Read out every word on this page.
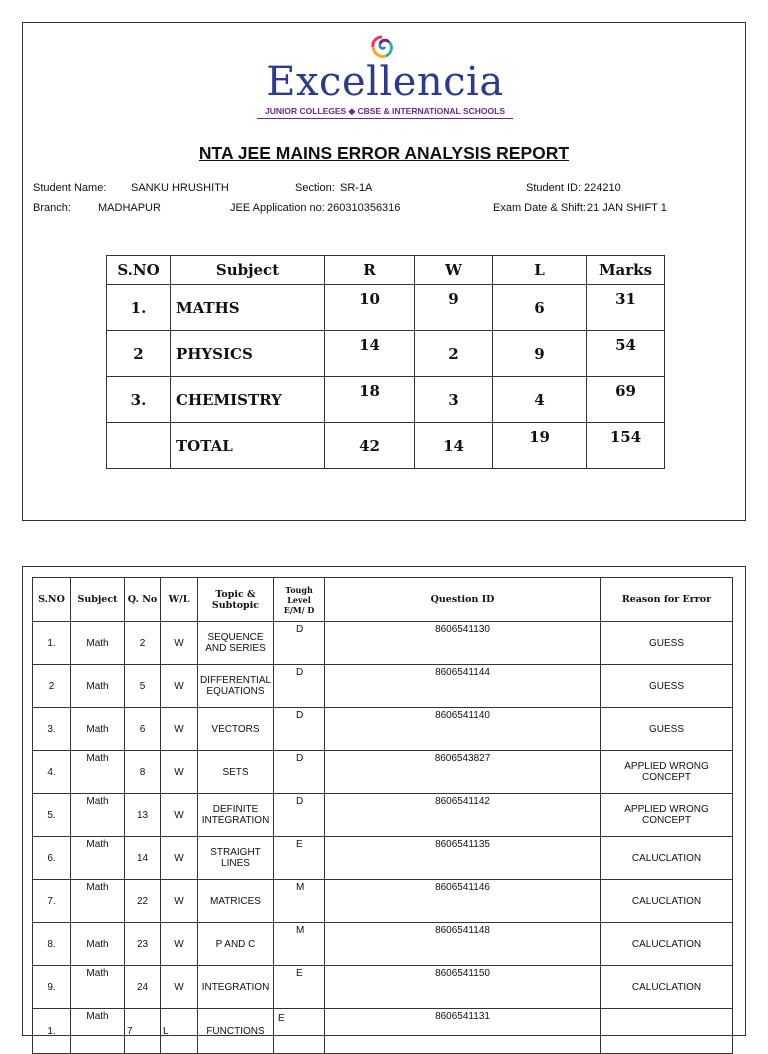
Excellencia
JUNIOR COLLEGES ◆ CBSE & INTERNATIONAL SCHOOLS
NTA JEE MAINS ERROR ANALYSIS REPORT
Student Name: SANKU HRUSHITH	Section: SR-1A	Student ID: 224210
Branch: MADHAPUR	JEE Application no: 260310356316	Exam Date & Shift: 21 JAN SHIFT 1
S.NO	Subject	R	W	L	Marks
1.	MATHS	10	9	6	31
2	PHYSICS	14	2	9	54
3.	CHEMISTRY	18	3	4	69
	TOTAL	42	14	19	154
S.NO	Subject	Q. No	W/L	Topic & Subtopic	Tough Level
E/M/ D	Question ID	Reason for Error
1.	Math	2	W	SEQUENCE AND SERIES	D	8606541130	GUESS
2	Math	5	W	DIFFERENTIAL EQUATIONS	D	8606541144	GUESS
3.	Math	6	W	VECTORS	D	8606541140	GUESS
4.	Math	8	W	SETS	D	8606543827	APPLIED WRONG CONCEPT
5.	Math	13	W	DEFINITE INTEGRATION	D	8606541142	APPLIED WRONG CONCEPT
6.	Math	14	W	STRAIGHT LINES	E	8606541135	CALUCLATION
7.	Math	22	W	MATRICES	M	8606541146	CALUCLATION
8.	Math	23	W	P AND C	M	8606541148	CALUCLATION
9.	Math	24	W	INTEGRATION	E	8606541150	CALUCLATION
1.	Math	7	L	FUNCTIONS	E	8606541131	
